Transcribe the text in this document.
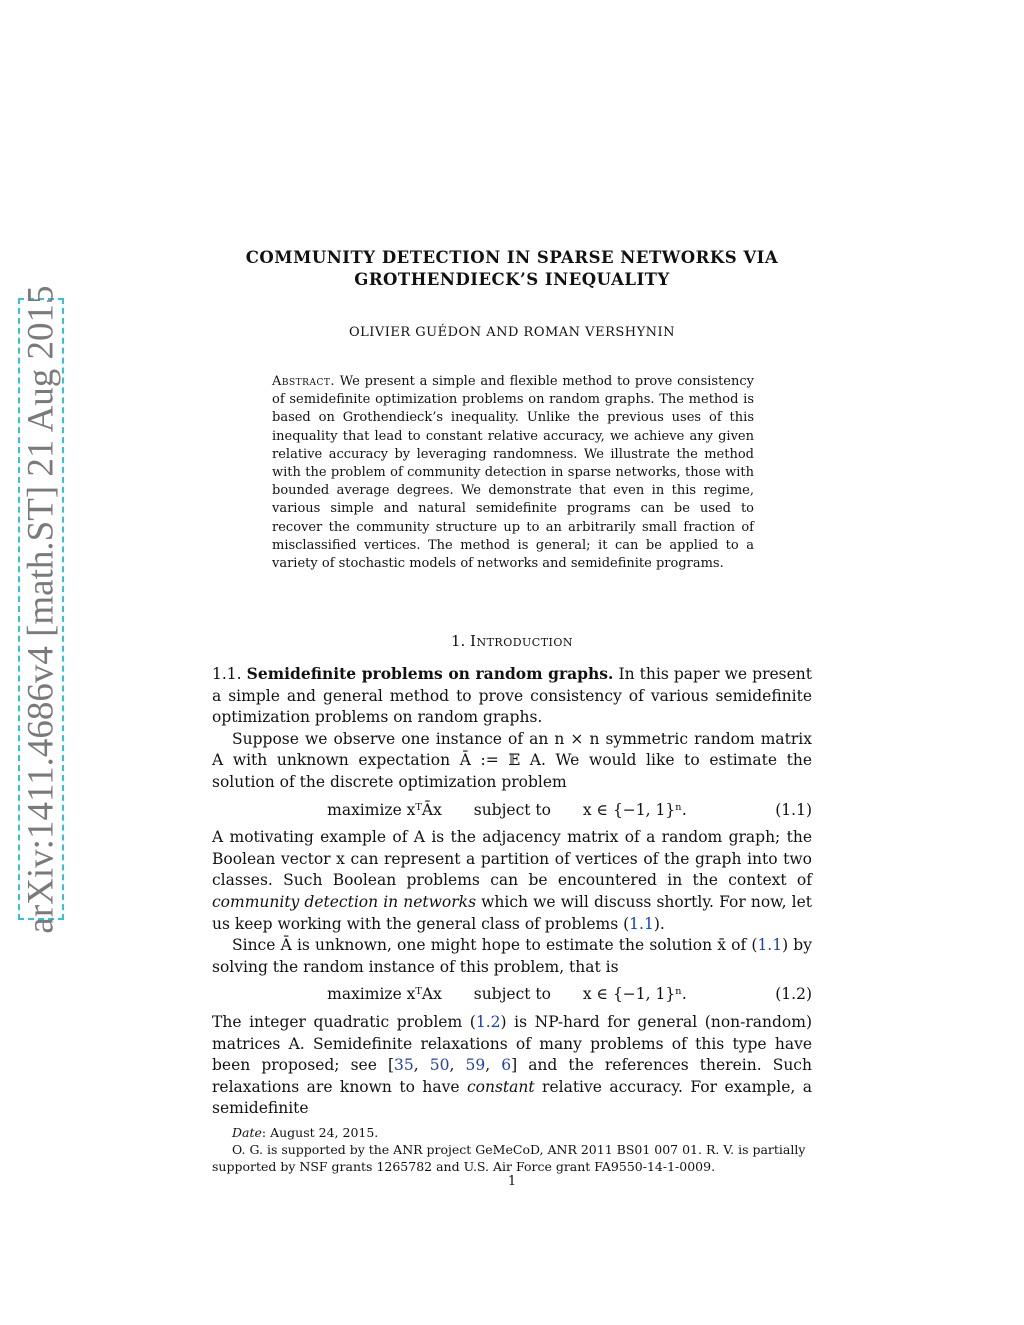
arXiv:1411.4686v4 [math.ST] 21 Aug 2015
COMMUNITY DETECTION IN SPARSE NETWORKS VIA
GROTHENDIECK’S INEQUALITY
OLIVIER GUÉDON AND ROMAN VERSHYNIN
Abstract. We present a simple and flexible method to prove consistency of semidefinite optimization problems on random graphs. The method is based on Grothendieck’s inequality. Unlike the previous uses of this inequality that lead to constant relative accuracy, we achieve any given relative accuracy by leveraging randomness. We illustrate the method with the problem of community detection in sparse networks, those with bounded average degrees. We demonstrate that even in this regime, various simple and natural semidefinite programs can be used to recover the community structure up to an arbitrarily small fraction of misclassified vertices. The method is general; it can be applied to a variety of stochastic models of networks and semidefinite programs.
1. Introduction

1.1. Semidefinite problems on random graphs. In this paper we present a simple and general method to prove consistency of various semidefinite optimization problems on random graphs.

Suppose we observe one instance of an n × n symmetric random matrix A with unknown expectation Ā := 𝔼 A. We would like to estimate the solution of the discrete optimization problem

maximize xᵀĀx subject to x ∈ {−1, 1}ⁿ.	(1.1)

A motivating example of A is the adjacency matrix of a random graph; the Boolean vector x can represent a partition of vertices of the graph into two classes. Such Boolean problems can be encountered in the context of community detection in networks which we will discuss shortly. For now, let us keep working with the general class of problems (1.1).

Since Ā is unknown, one might hope to estimate the solution x̄ of (1.1) by solving the random instance of this problem, that is

maximize xᵀAx subject to x ∈ {−1, 1}ⁿ.	(1.2)

The integer quadratic problem (1.2) is NP-hard for general (non-random) matrices A. Semidefinite relaxations of many problems of this type have been proposed; see [35, 50, 59, 6] and the references therein. Such relaxations are known to have constant relative accuracy. For example, a semidefinite

Date: August 24, 2015.

O. G. is supported by the ANR project GeMeCoD, ANR 2011 BS01 007 01. R. V. is partially supported by NSF grants 1265782 and U.S. Air Force grant FA9550-14-1-0009.

1
